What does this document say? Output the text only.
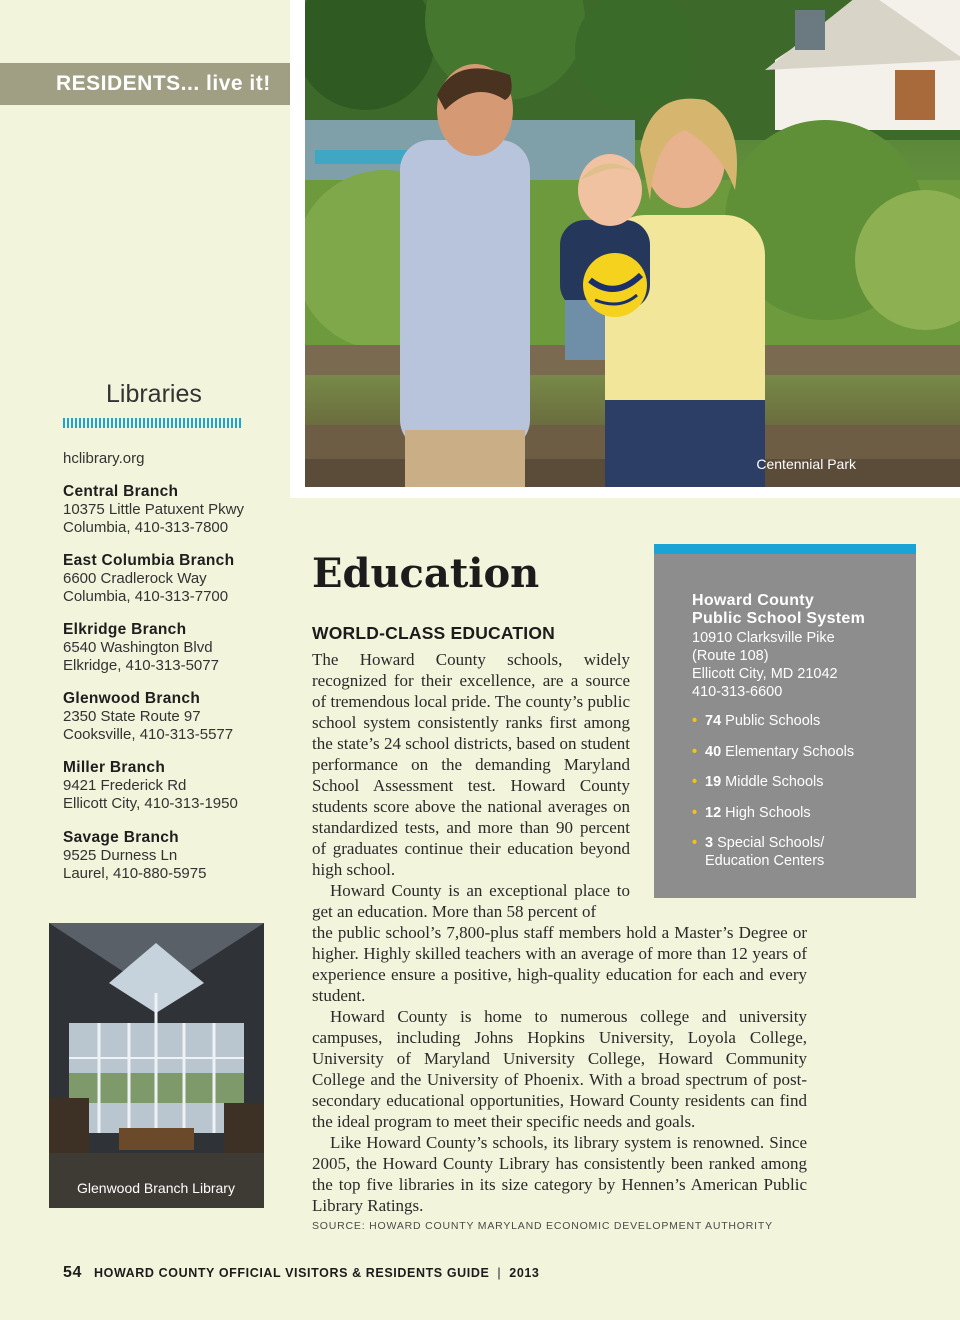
RESIDENTS... live it!
Centennial Park
Libraries
hclibrary.org
Central Branch
10375 Little Patuxent Pkwy
Columbia, 410-313-7800
East Columbia Branch
6600 Cradlerock Way
Columbia, 410-313-7700
Elkridge Branch
6540 Washington Blvd
Elkridge, 410-313-5077
Glenwood Branch
2350 State Route 97
Cooksville, 410-313-5577
Miller Branch
9421 Frederick Rd
Ellicott City, 410-313-1950
Savage Branch
9525 Durness Ln
Laurel, 410-880-5975
Glenwood Branch Library
Education
WORLD-CLASS EDUCATION

The Howard County schools, widely recognized for their excellence, are a source of tremendous local pride. The county’s public school system consistently ranks first among the state’s 24 school districts, based on student performance on the demanding Maryland School Assessment test. Howard County students score above the national averages on standardized tests, and more than 90 percent of graduates continue their education beyond high school.

Howard County is an exceptional place to get an education. More than 58 percent of

the public school’s 7,800-plus staff members hold a Master’s Degree or higher. Highly skilled teachers with an average of more than 12 years of experience ensure a positive, high-quality education for each and every student.

Howard County is home to numerous college and university campuses, including Johns Hopkins University, Loyola College, University of Maryland University College, Howard Community College and the University of Phoenix. With a broad spectrum of post-secondary educational opportunities, Howard County residents can find the ideal program to meet their specific needs and goals.

Like Howard County’s schools, its library system is renowned. Since 2005, the Howard County Library has consistently been ranked among the top five libraries in its size category by Hennen’s American Public Library Ratings.

SOURCE: HOWARD COUNTY MARYLAND ECONOMIC DEVELOPMENT AUTHORITY
Howard County
Public School System
10910 Clarksville Pike
(Route 108)
Ellicott City, MD 21042
410-313-6600
• 74 Public Schools
• 40 Elementary Schools
• 19 Middle Schools
• 12 High Schools
• 3 Special Schools/
Education Centers
54 HOWARD COUNTY OFFICIAL VISITORS & RESIDENTS GUIDE | 2013
